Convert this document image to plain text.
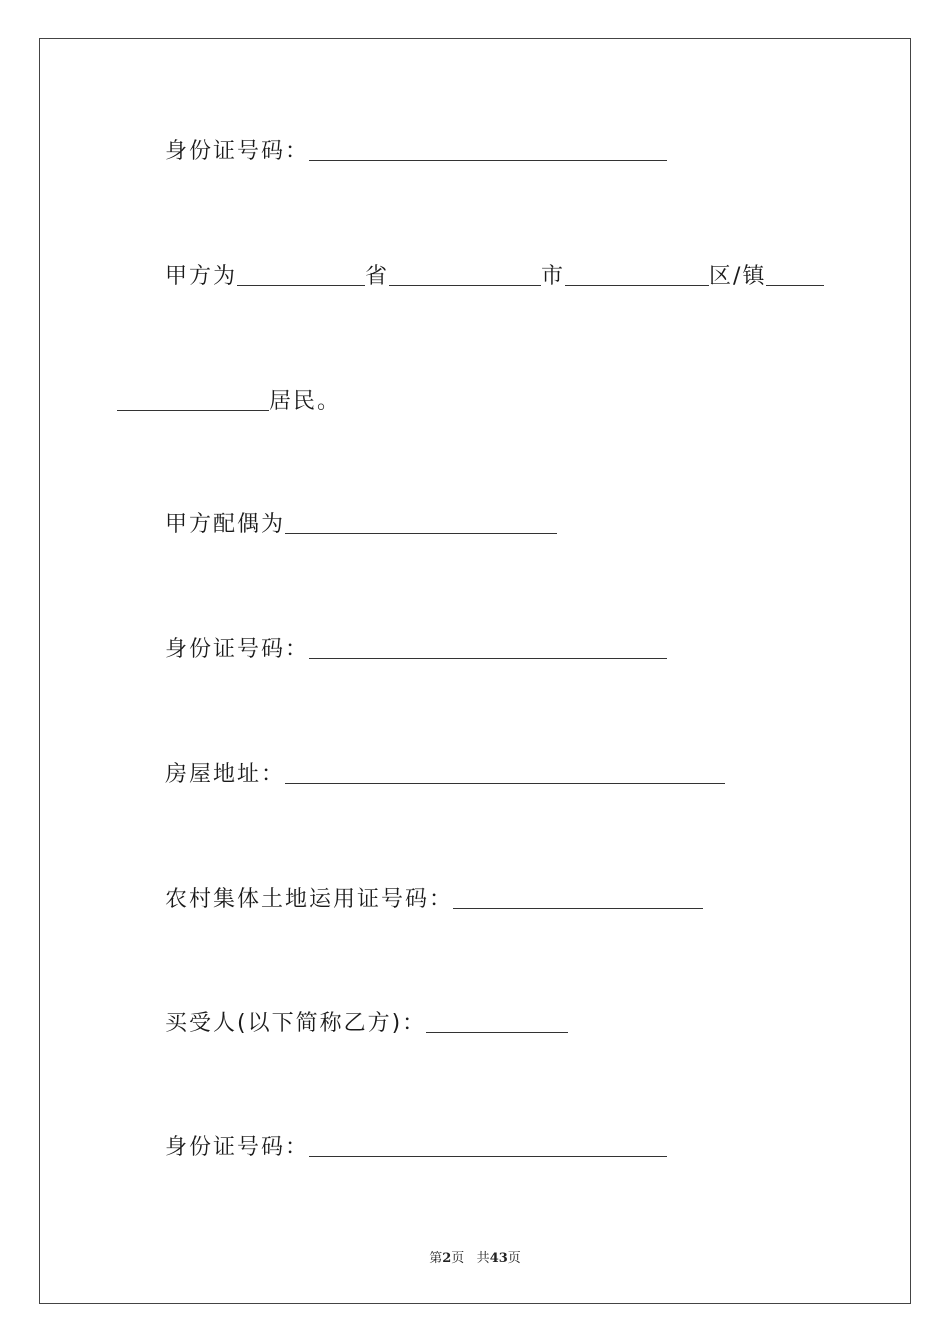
身份证号码：
甲方为	省	市	区/镇
居民。
甲方配偶为
身份证号码：
房屋地址：
农村集体土地运用证号码：
买受人(以下简称乙方)：
身份证号码：
第2页 共43页
